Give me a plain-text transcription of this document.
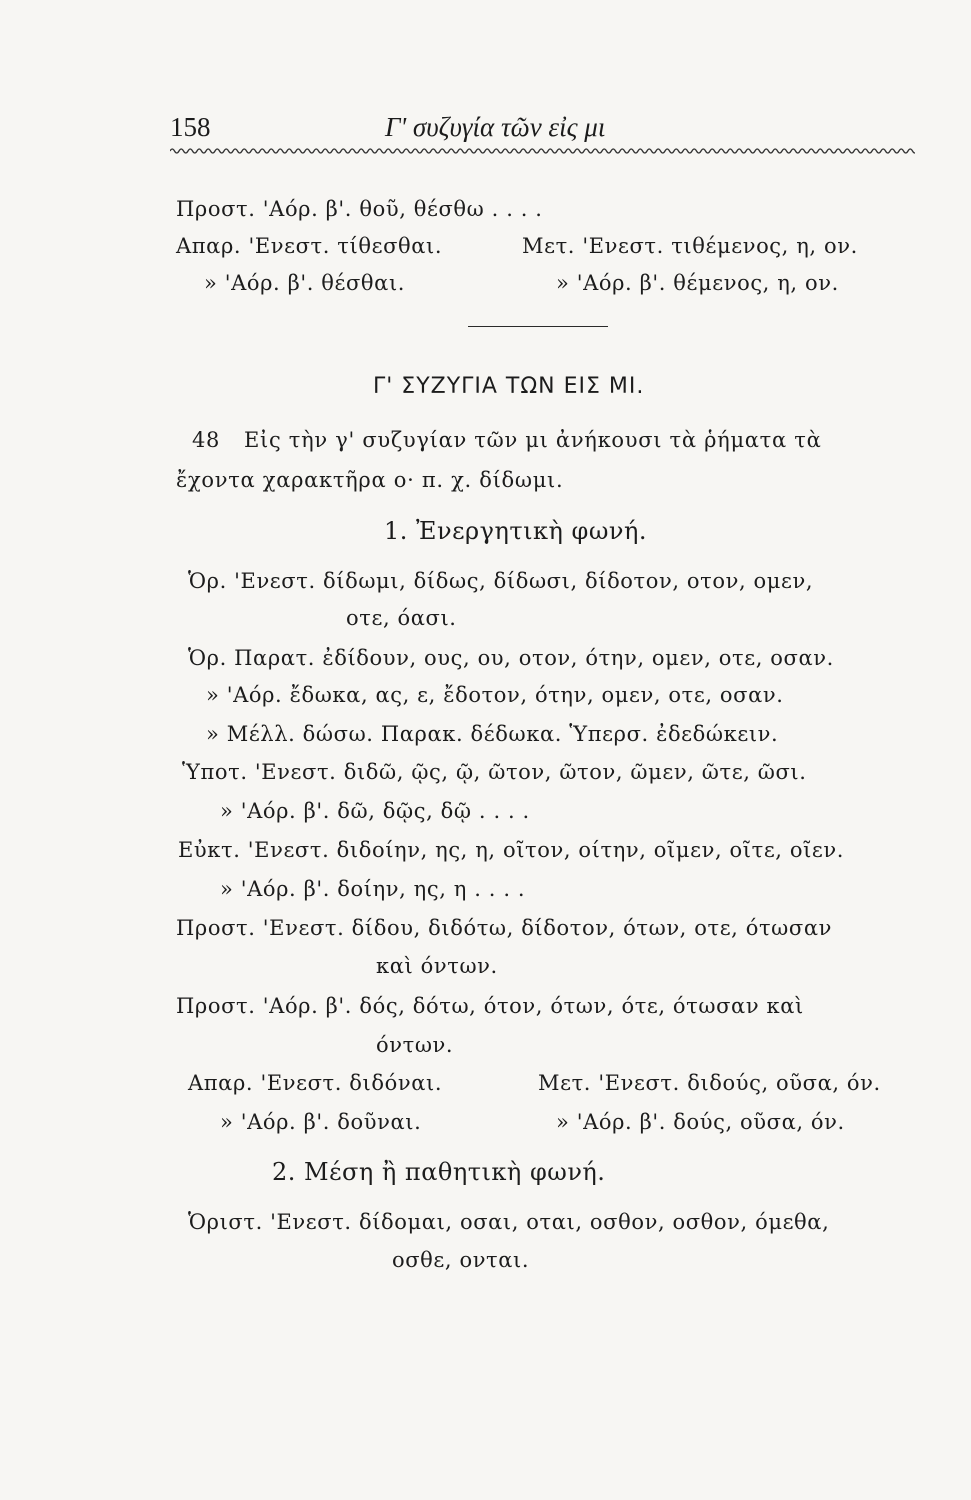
158	Γ' συζυγία τῶν εἰς μι
Προστ. 'Αόρ. β'. θοῦ, θέσθω . . . .
Απαρ. 'Ενεστ. τίθεσθαι.	Μετ. 'Ενεστ. τιθέμενος, η, ον.
» 'Αόρ. β'. θέσθαι.	» 'Αόρ. β'. θέμενος, η, ον.
Γ' ΣΥΖΥΓΙΑ ΤΩΝ ΕΙΣ ΜΙ.
48 Εἰς τὴν γ' συζυγίαν τῶν μι ἀνήκουσι τὰ ῥήματα τὰ
ἔχοντα χαρακτῆρα ο· π. χ. δίδωμι.
1. Ἐνεργητικὴ φωνή.
Ὁρ. 'Ενεστ. δίδωμι, δίδως, δίδωσι, δίδοτον, οτον, ομεν,
οτε, όασι.
Ὁρ. Παρατ. ἐδίδουν, ους, ου, οτον, ότην, ομεν, οτε, οσαν.
» 'Αόρ. ἔδωκα, ας, ε, ἔδοτον, ότην, ομεν, οτε, οσαν.
» Μέλλ. δώσω. Παρακ. δέδωκα. Ὑπερσ. ἐδεδώκειν.
Ὑποτ. 'Ενεστ. διδῶ, ῷς, ῷ, ῶτον, ῶτον, ῶμεν, ῶτε, ῶσι.
» 'Αόρ. β'. δῶ, δῷς, δῷ . . . .
Εὐκτ. 'Ενεστ. διδοίην, ης, η, οῖτον, οίτην, οῖμεν, οῖτε, οῖεν.
» 'Αόρ. β'. δοίην, ης, η . . . .
Προστ. 'Ενεστ. δίδου, διδότω, δίδοτον, ότων, οτε, ότωσαν
καὶ όντων.
Προστ. 'Αόρ. β'. δός, δότω, ότον, ότων, ότε, ότωσαν καὶ
όντων.
Απαρ. 'Ενεστ. διδόναι.	Μετ. 'Ενεστ. διδούς, οῦσα, όν.
» 'Αόρ. β'. δοῦναι.	» 'Αόρ. β'. δούς, οῦσα, όν.
2. Μέση ἢ παθητικὴ φωνή.
Ὁριστ. 'Ενεστ. δίδομαι, οσαι, οται, οσθον, οσθον, όμεθα,
οσθε, ονται.
